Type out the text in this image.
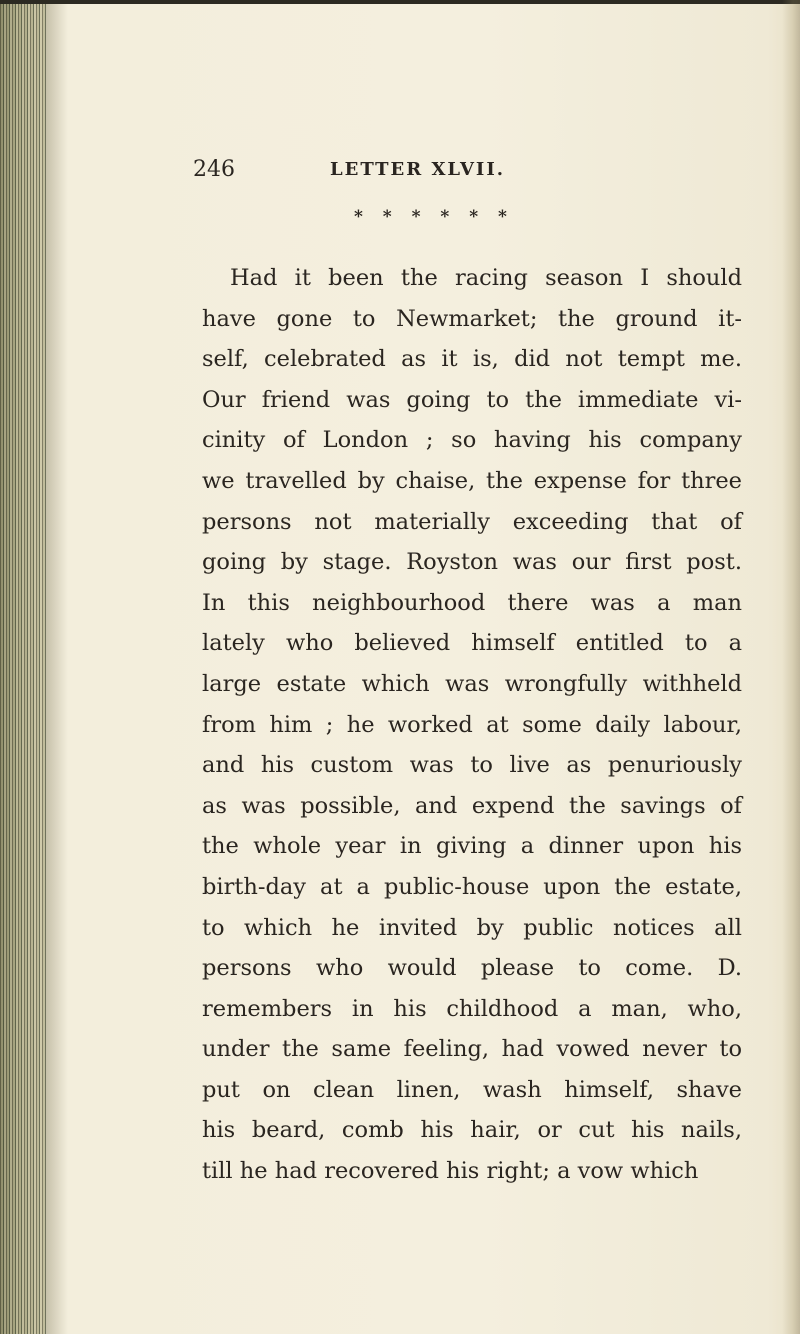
246	LETTER XLVII.
* * * * * *
Had it been the racing season I should
have gone to Newmarket; the ground it-
self, celebrated as it is, did not tempt me.
Our friend was going to the immediate vi-
cinity of London ; so having his company
we travelled by chaise, the expense for three
persons not materially exceeding that of
going by stage. Royston was our first post.
In this neighbourhood there was a man
lately who believed himself entitled to a
large estate which was wrongfully withheld
from him ; he worked at some daily labour,
and his custom was to live as penuriously
as was possible, and expend the savings of
the whole year in giving a dinner upon his
birth-day at a public-house upon the estate,
to which he invited by public notices all
persons who would please to come. D.
remembers in his childhood a man, who,
under the same feeling, had vowed never to
put on clean linen, wash himself, shave
his beard, comb his hair, or cut his nails,
till he had recovered his right; a vow which
